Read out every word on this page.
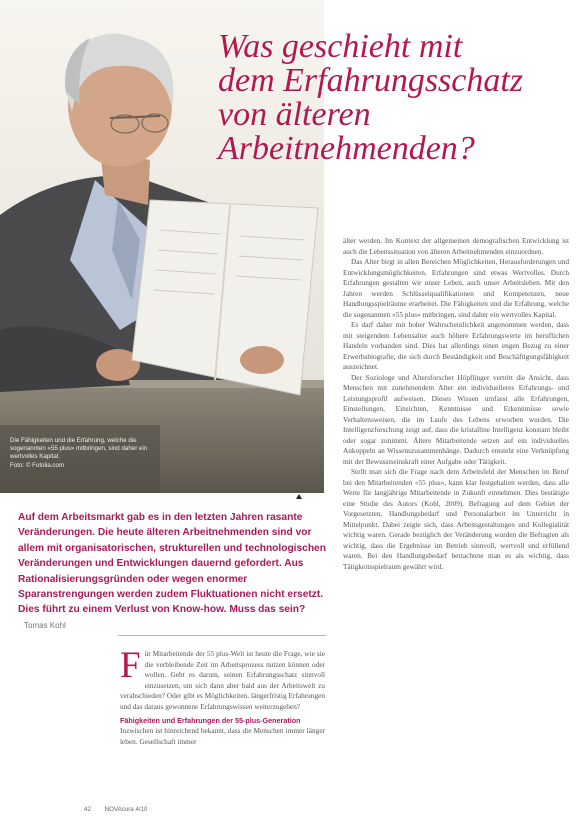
Die Fähigkeiten und die Erfahrung, welche die sogenannten «55 plus» mitbringen, sind daher ein wertvolles Kapital.
Foto: © Fotolia.com
Was geschieht mit
dem Erfahrungsschatz
von älteren
Arbeitnehmenden?
Auf dem Arbeitsmarkt gab es in den letzten Jahren rasante Veränderungen. Die heute älteren Arbeitnehmenden sind vor allem mit organisatorischen, strukturellen und technologischen Veränderungen und Entwicklungen dauernd gefordert. Aus Rationalisierungsgründen oder wegen enormer Sparanstrengungen werden zudem Fluktuationen nicht ersetzt. Dies führt zu einem Verlust von Know-how. Muss das sein? Tomas Kohl

F ür Mitarbeitende der 55 plus-Welt ist heute die Frage, wie sie die verbleibende Zeit im Arbeitsprozess nutzen können oder wollen. Geht es darum, seinen Erfahrungsschatz sinnvoll einzusetzen, um sich dann aber bald aus der Arbeitswelt zu verabschieden? Oder gibt es Möglichkeiten, längerfristig Erfahrungen und das daraus gewonnene Erfahrungswissen weiterzugeben?

Fähigkeiten und Erfahrungen der 55-plus-Generation

Inzwischen ist hinreichend bekannt, dass die Menschen immer länger leben. Gesellschaft immer

älter werden. Im Kontext der allgemeinen demografischen Entwicklung ist auch die Lebenssituation von älteren Arbeitnehmenden einzuordnen.

Das Alter birgt in allen Bereichen Möglichkeiten, Herausforderungen und Entwicklungsmöglichkeiten. Erfahrungen sind etwas Wertvolles. Durch Erfahrungen gestalten wir unser Leben, auch unser Arbeitsleben. Mit den Jahren werden Schlüsselqualifikationen und Kompetenzen, neue Handlungsspielräume erarbeitet. Die Fähigkeiten und die Erfahrung, welche die sogenannten «55 plus» mitbringen, sind daher ein wertvolles Kapital.

Es darf daher mit hoher Wahrscheinlichkeit angenommen werden, dass mit steigendem Lebensalter auch höhere Erfahrungswerte im beruflichen Handeln vorhanden sind. Dies hat allerdings einen engen Bezug zu einer Erwerbsbiografie, die sich durch Beständigkeit und Beschäftigungsfähigkeit auszeichnet.

Der Soziologe und Altersforscher Höpflinger vertritt die Ansicht, dass Menschen mit zunehmendem Alter ein individuelleres Erfahrungs- und Leistungsprofil aufweisen. Dieses Wissen umfasst alle Erfahrungen, Einstellungen, Einsichten, Kenntnisse und Erkenntnisse sowie Verhaltensweisen, die im Laufe des Lebens erworben wurden. Die Intelligenzforschung zeigt auf, dass die kristalline Intelligenz konstant bleibt oder sogar zunimmt. Ältere Mitarbeitende setzen auf ein individuelles Ankoppeln an Wissenszusammenhänge. Dadurch entsteht eine Verknüpfung mit der Bewusstseinskraft einer Aufgabe oder Tätigkeit.

Stellt man sich die Frage nach dem Arbeitsfeld der Menschen im Beruf bei den Mitarbeitenden «55 plus», kann klar festgehalten werden, dass alle Werte für langjährige Mitarbeitende in Zukunft einnehmen. Dies bestätigte eine Studie des Autors (Kohl, 2009). Befragung auf dem Gebiet der Vorgesetzten, Handlungsbedarf und Personalarbeit im Unterricht in Mittelpunkt. Dabei zeigte sich, dass Arbeitsgestaltungen und Kollegialität wichtig waren. Gerade bezüglich der Veränderung wurden die Befragten als wichtig, dass die Ergebnisse im Betrieb sinnvoll, wertvoll und erfüllend waren. Bei den Handlungsbedarf betrachtete man es als wichtig, dass Tätigkeitsspielraum gewährt wird.

42 NOVAcura 4/10
